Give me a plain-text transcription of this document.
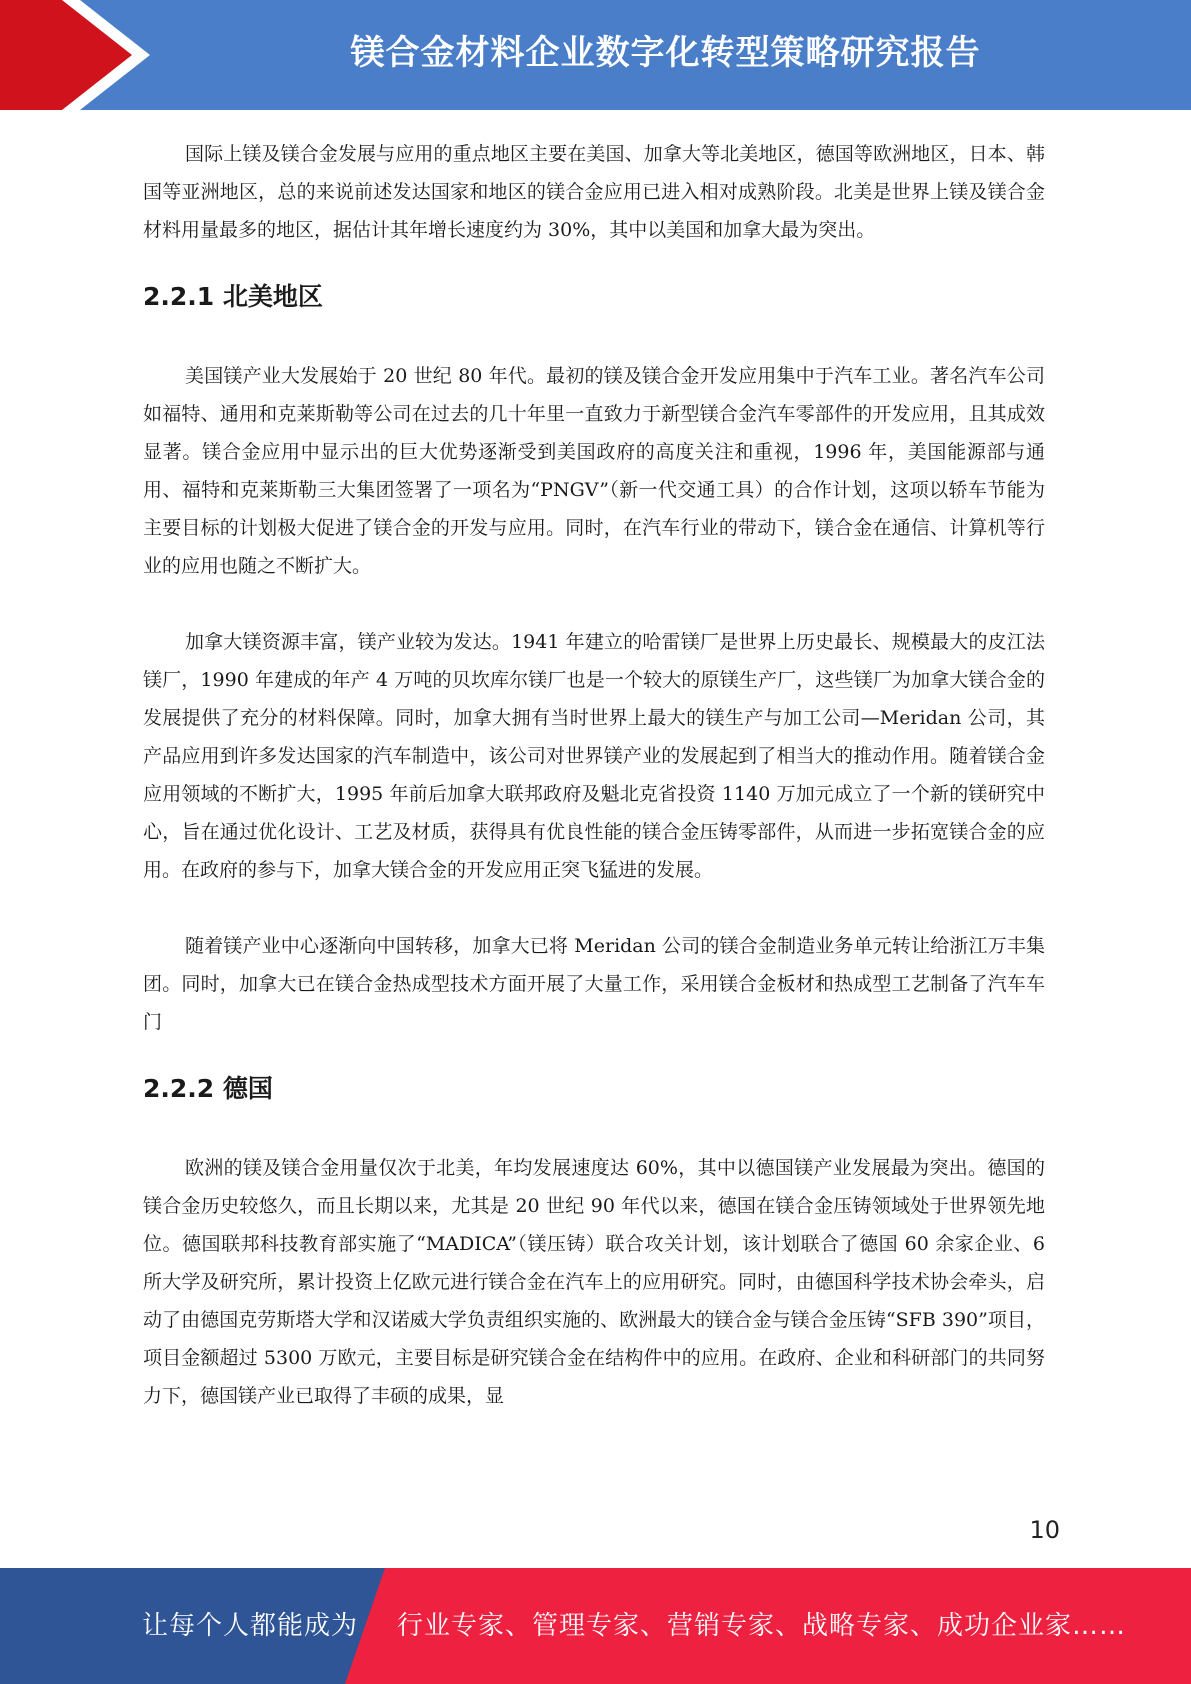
镁合金材料企业数字化转型策略研究报告

国际上镁及镁合金发展与应用的重点地区主要在美国、加拿大等北美地区，德国等欧洲地区，日本、韩国等亚洲地区，总的来说前述发达国家和地区的镁合金应用已进入相对成熟阶段。北美是世界上镁及镁合金材料用量最多的地区，据估计其年增长速度约为 30%，其中以美国和加拿大最为突出。

2.2.1 北美地区

美国镁产业大发展始于 20 世纪 80 年代。最初的镁及镁合金开发应用集中于汽车工业。著名汽车公司如福特、通用和克莱斯勒等公司在过去的几十年里一直致力于新型镁合金汽车零部件的开发应用，且其成效显著。镁合金应用中显示出的巨大优势逐渐受到美国政府的高度关注和重视，1996 年，美国能源部与通用、福特和克莱斯勒三大集团签署了一项名为“PNGV”（新一代交通工具）的合作计划，这项以轿车节能为主要目标的计划极大促进了镁合金的开发与应用。同时，在汽车行业的带动下，镁合金在通信、计算机等行业的应用也随之不断扩大。

加拿大镁资源丰富，镁产业较为发达。1941 年建立的哈雷镁厂是世界上历史最长、规模最大的皮江法镁厂，1990 年建成的年产 4 万吨的贝坎库尔镁厂也是一个较大的原镁生产厂，这些镁厂为加拿大镁合金的发展提供了充分的材料保障。同时，加拿大拥有当时世界上最大的镁生产与加工公司—Meridan 公司，其产品应用到许多发达国家的汽车制造中，该公司对世界镁产业的发展起到了相当大的推动作用。随着镁合金应用领域的不断扩大，1995 年前后加拿大联邦政府及魁北克省投资 1140 万加元成立了一个新的镁研究中心，旨在通过优化设计、工艺及材质，获得具有优良性能的镁合金压铸零部件，从而进一步拓宽镁合金的应用。在政府的参与下，加拿大镁合金的开发应用正突飞猛进的发展。

随着镁产业中心逐渐向中国转移，加拿大已将 Meridan 公司的镁合金制造业务单元转让给浙江万丰集团。同时，加拿大已在镁合金热成型技术方面开展了大量工作，采用镁合金板材和热成型工艺制备了汽车车门

2.2.2 德国

欧洲的镁及镁合金用量仅次于北美，年均发展速度达 60%，其中以德国镁产业发展最为突出。德国的镁合金历史较悠久，而且长期以来，尤其是 20 世纪 90 年代以来，德国在镁合金压铸领域处于世界领先地位。德国联邦科技教育部实施了“MADICA”（镁压铸）联合攻关计划，该计划联合了德国 60 余家企业、6 所大学及研究所，累计投资上亿欧元进行镁合金在汽车上的应用研究。同时，由德国科学技术协会牵头，启动了由德国克劳斯塔大学和汉诺威大学负责组织实施的、欧洲最大的镁合金与镁合金压铸“SFB 390”项目，项目金额超过 5300 万欧元，主要目标是研究镁合金在结构件中的应用。在政府、企业和科研部门的共同努力下，德国镁产业已取得了丰硕的成果，显

10
让每个人都能成为 行业专家、管理专家、营销专家、战略专家、成功企业家……
